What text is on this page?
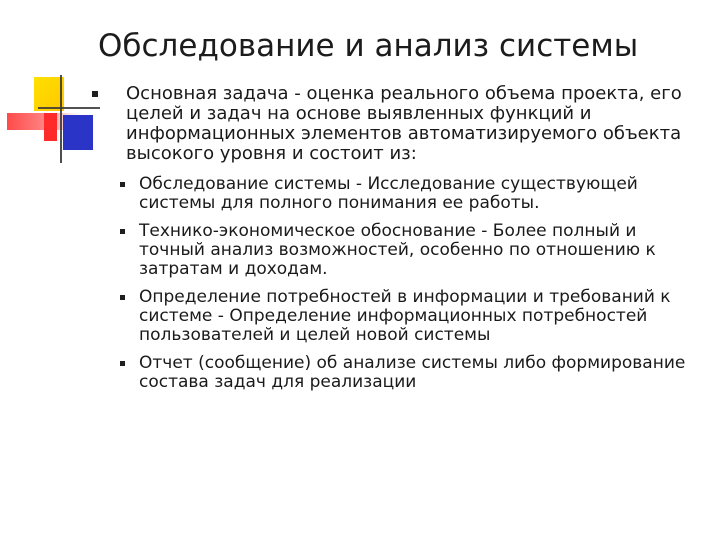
Обследование и анализ системы
Основная задача - оценка реального объема проекта, его целей и задач на основе выявленных функций и информационных элементов автоматизируемого объекта высокого уровня и состоит из:
Обследование системы - Исследование существующей системы для полного понимания ее работы.
Технико-экономическое обоснование - Более полный и точный анализ возможностей, особенно по отношению к затратам и доходам.
Определение потребностей в информации и требований к системе - Определение информационных потребностей пользователей и целей новой системы
Отчет (сообщение) об анализе системы либо формирование состава задач для реализации
